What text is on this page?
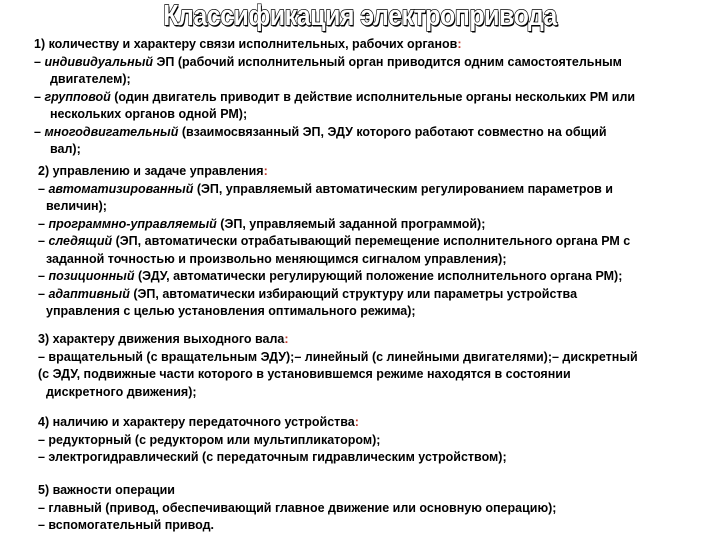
Классификация электропривода
1) количеству и характеру связи исполнительных, рабочих органов:
– индивидуальный ЭП (рабочий исполнительный орган приводится одним самостоятельным
двигателем);
– групповой (один двигатель приводит в действие исполнительные органы нескольких РМ или
нескольких органов одной РМ);
– многодвигательный (взаимосвязанный ЭП, ЭДУ которого работают совместно на общий
вал);
2) управлению и задаче управления:
– автоматизированный (ЭП, управляемый автоматическим регулированием параметров и
величин);
– программно-управляемый (ЭП, управляемый заданной программой);
– следящий (ЭП, автоматически отрабатывающий перемещение исполнительного органа РМ с
заданной точностью и произвольно меняющимся сигналом управления);
– позиционный (ЭДУ, автоматически регулирующий положение исполнительного органа РМ);
– адаптивный (ЭП, автоматически избирающий структуру или параметры устройства
управления с целью установления оптимального режима);
3) характеру движения выходного вала:
– вращательный (с вращательным ЭДУ);– линейный (с линейными двигателями);– дискретный
(с ЭДУ, подвижные части которого в установившемся режиме находятся в состоянии
дискретного движения);
4) наличию и характеру передаточного устройства:
– редукторный (с редуктором или мультипликатором);
– электрогидравлический (с передаточным гидравлическим устройством);
5) важности операции
– главный (привод, обеспечивающий главное движение или основную операцию);
– вспомогательный привод.
